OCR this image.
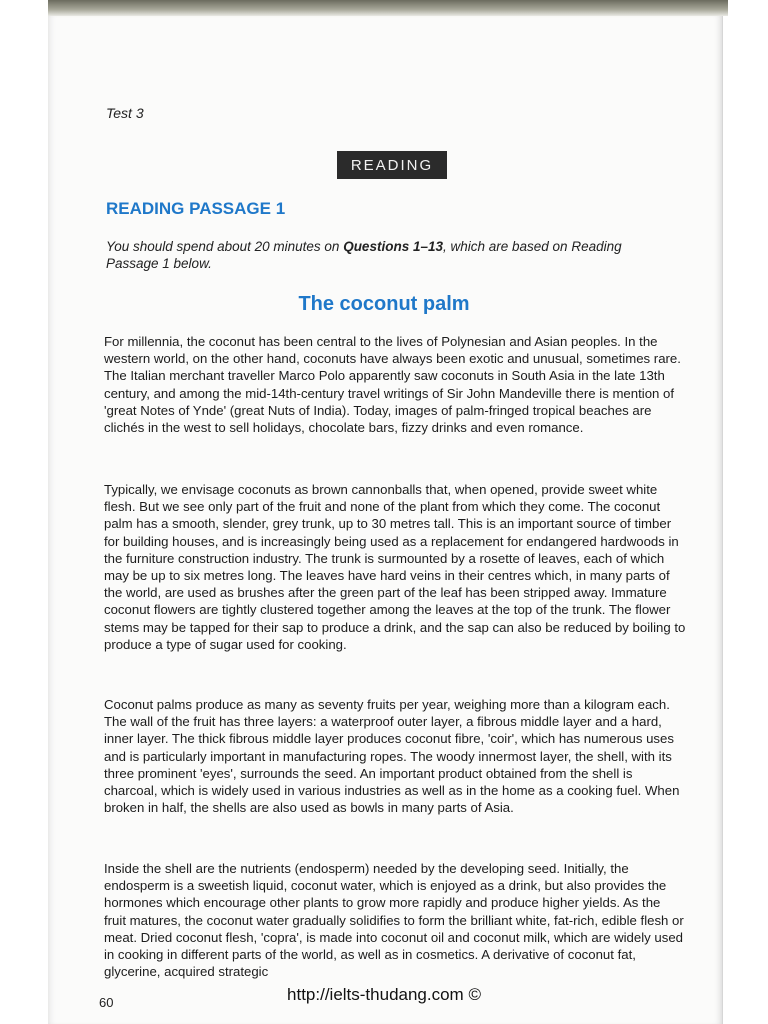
Test 3
READING
READING PASSAGE 1
You should spend about 20 minutes on Questions 1–13, which are based on Reading Passage 1 below.
The coconut palm
For millennia, the coconut has been central to the lives of Polynesian and Asian peoples. In the western world, on the other hand, coconuts have always been exotic and unusual, sometimes rare. The Italian merchant traveller Marco Polo apparently saw coconuts in South Asia in the late 13th century, and among the mid-14th-century travel writings of Sir John Mandeville there is mention of 'great Notes of Ynde' (great Nuts of India). Today, images of palm-fringed tropical beaches are clichés in the west to sell holidays, chocolate bars, fizzy drinks and even romance.
Typically, we envisage coconuts as brown cannonballs that, when opened, provide sweet white flesh. But we see only part of the fruit and none of the plant from which they come. The coconut palm has a smooth, slender, grey trunk, up to 30 metres tall. This is an important source of timber for building houses, and is increasingly being used as a replacement for endangered hardwoods in the furniture construction industry. The trunk is surmounted by a rosette of leaves, each of which may be up to six metres long. The leaves have hard veins in their centres which, in many parts of the world, are used as brushes after the green part of the leaf has been stripped away. Immature coconut flowers are tightly clustered together among the leaves at the top of the trunk. The flower stems may be tapped for their sap to produce a drink, and the sap can also be reduced by boiling to produce a type of sugar used for cooking.
Coconut palms produce as many as seventy fruits per year, weighing more than a kilogram each. The wall of the fruit has three layers: a waterproof outer layer, a fibrous middle layer and a hard, inner layer. The thick fibrous middle layer produces coconut fibre, 'coir', which has numerous uses and is particularly important in manufacturing ropes. The woody innermost layer, the shell, with its three prominent 'eyes', surrounds the seed. An important product obtained from the shell is charcoal, which is widely used in various industries as well as in the home as a cooking fuel. When broken in half, the shells are also used as bowls in many parts of Asia.
Inside the shell are the nutrients (endosperm) needed by the developing seed. Initially, the endosperm is a sweetish liquid, coconut water, which is enjoyed as a drink, but also provides the hormones which encourage other plants to grow more rapidly and produce higher yields. As the fruit matures, the coconut water gradually solidifies to form the brilliant white, fat-rich, edible flesh or meat. Dried coconut flesh, 'copra', is made into coconut oil and coconut milk, which are widely used in cooking in different parts of the world, as well as in cosmetics. A derivative of coconut fat, glycerine, acquired strategic
60	http://ielts-thudang.com ©
